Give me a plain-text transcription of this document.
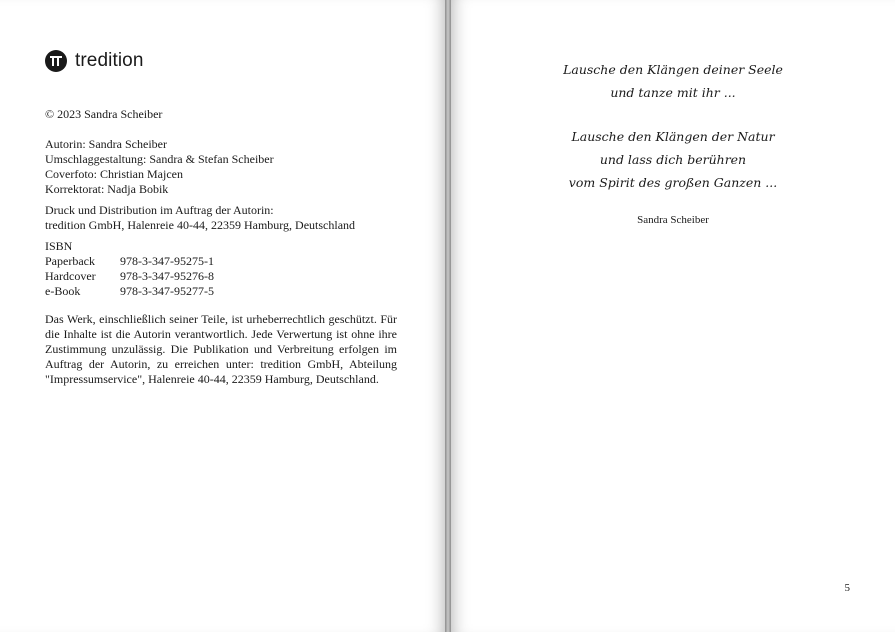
tredition
© 2023 Sandra Scheiber
Autorin: Sandra Scheiber
Umschlaggestaltung: Sandra & Stefan Scheiber
Coverfoto: Christian Majcen
Korrektorat: Nadja Bobik
Druck und Distribution im Auftrag der Autorin:
tredition GmbH, Halenreie 40-44, 22359 Hamburg, Deutschland
ISBN
Paperback	978-3-347-95275-1
Hardcover	978-3-347-95276-8
e-Book	978-3-347-95277-5
Das Werk, einschließlich seiner Teile, ist urheberrechtlich geschützt. Für die Inhalte ist die Autorin verantwortlich. Jede Verwertung ist ohne ihre Zustimmung unzulässig. Die Publikation und Verbreitung erfolgen im Auftrag der Autorin, zu erreichen unter: tredition GmbH, Abteilung "Impressumservice", Halenreie 40-44, 22359 Hamburg, Deutschland.
Lausche den Klängen deiner Seele
und tanze mit ihr ...
Lausche den Klängen der Natur
und lass dich berühren
vom Spirit des großen Ganzen ...
Sandra Scheiber
5
